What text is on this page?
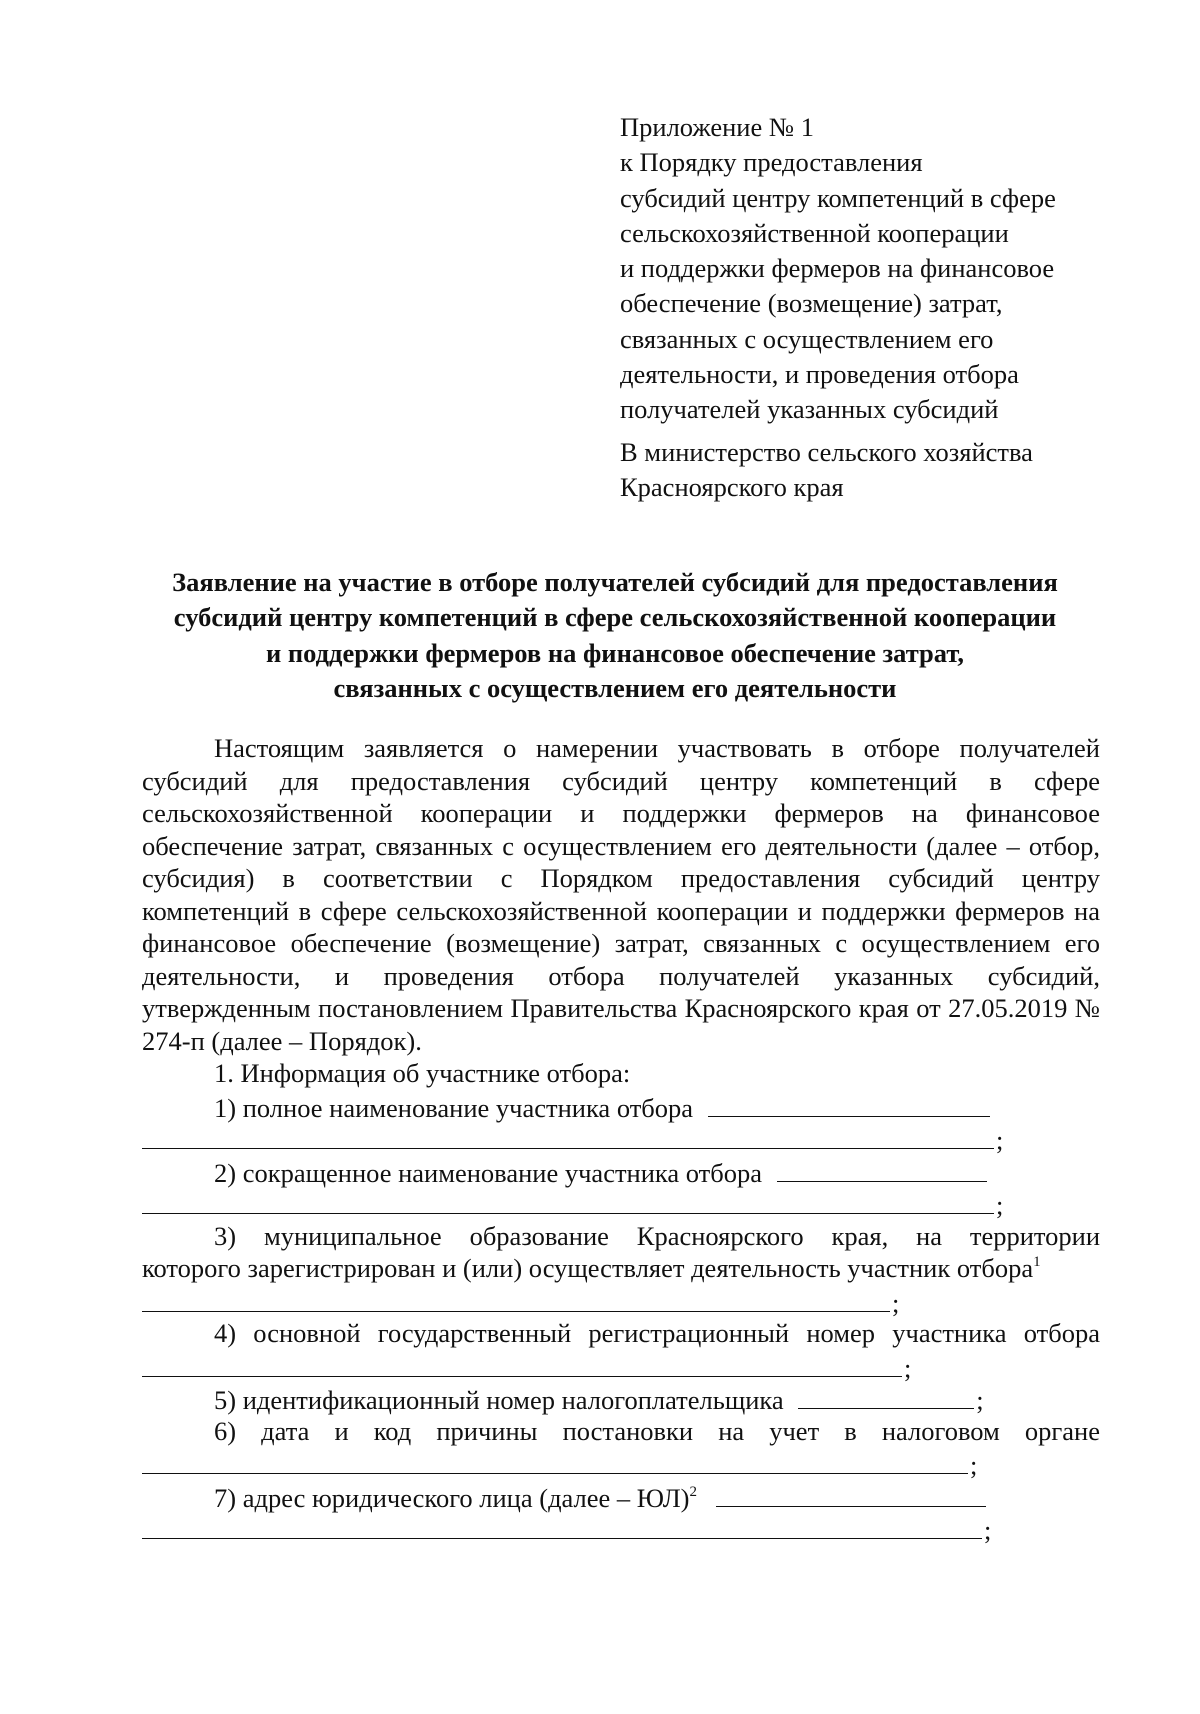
Приложение № 1
к Порядку предоставления
субсидий центру компетенций в сфере
сельскохозяйственной кооперации
и поддержки фермеров на финансовое
обеспечение (возмещение) затрат,
связанных с осуществлением его
деятельности, и проведения отбора
получателей указанных субсидий
В министерство сельского хозяйства
Красноярского края
Заявление на участие в отборе получателей субсидий для предоставления
субсидий центру компетенций в сфере сельскохозяйственной кооперации
и поддержки фермеров на финансовое обеспечение затрат,
связанных с осуществлением его деятельности

Настоящим заявляется о намерении участвовать в отборе получателей субсидий для предоставления субсидий центру компетенций в сфере сельскохозяйственной кооперации и поддержки фермеров на финансовое обеспечение затрат, связанных с осуществлением его деятельности (далее – отбор, субсидия) в соответствии с Порядком предоставления субсидий центру компетенций в сфере сельскохозяйственной кооперации и поддержки фермеров на финансовое обеспечение (возмещение) затрат, связанных с осуществлением его деятельности, и проведения отбора получателей указанных субсидий, утвержденным постановлением Правительства Красноярского края от 27.05.2019 № 274-п (далее – Порядок).

1. Информация об участнике отбора:
1) полное наименование участника отбора
;
2) сокращенное наименование участника отбора
;
3) муниципальное образование Красноярского края, на территории
которого зарегистрирован и (или) осуществляет деятельность участник отбора$^1$
;
4) основной государственный регистрационный номер участника отбора
;
5) идентификационный номер налогоплательщика	;
6) дата и код причины постановки на учет в налоговом органе
;
7) адрес юридического лица (далее – ЮЛ)$^2$
;
